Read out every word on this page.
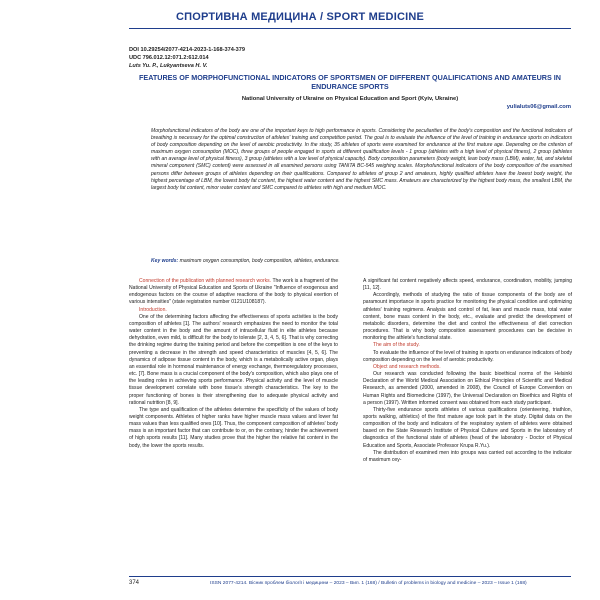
СПОРТИВНА МЕДИЦИНА / SPORT MEDICINE
DOI 10.29254/2077-4214-2023-1-168-374-379
UDC 796.012.12:071.2:612.014
Luts Yu. P., Lukyantseva H. V.
FEATURES OF MORPHOFUNCTIONAL INDICATORS OF SPORTSMEN OF DIFFERENT QUALIFICATIONS AND AMATEURS IN ENDURANCE SPORTS
National University of Ukraine on Physical Education and Sport (Kyiv, Ukraine)
yulialuts06@gmail.com
Morphofunctional indicators of the body are one of the important keys to high performance in sports. Considering the peculiarities of the body's composition and the functional indicators of breathing is necessary for the optimal construction of athletes' training and competition period. The goal is to evaluate the influence of the level of training in endurance sports on indicators of body composition depending on the level of aerobic productivity. In the study, 35 athletes of sports were examined for endurance at the first mature age. Depending on the criterion of maximum oxygen consumption (MOC), three groups of people engaged in sports at different qualification levels - 1 group (athletes with a high level of physical fitness), 2 group (athletes with an average level of physical fitness), 3 group (athletes with a low level of physical capacity). Body composition parameters (body weight, lean body mass (LBM), water, fat, and skeletal mineral component (SMC) content) were assessed in all examined persons using TANITA BC-545 weighing scales. Morphofunctional indicators of the body composition of the examined persons differ between groups of athletes depending on their qualifications. Compared to athletes of group 2 and amateurs, highly qualified athletes have the lowest body weight, the highest percentage of LBM, the lowest body fat content, the highest water content and the highest SMC mass. Amateurs are characterized by the highest body mass, the smallest LBM, the largest body fat content, minor water content and SMC compared to athletes with high and medium MOC.
Key words: maximum oxygen consumption, body composition, athletes, endurance.

Connection of the publication with planned research works. The work is a fragment of the National University of Physical Education and Sports of Ukraine "Influence of exogenous and endogenous factors on the course of adaptive reactions of the body to physical exertion of various intensities" (state registration number 0121U108187).

Introduction.

One of the determining factors affecting the effectiveness of sports activities is the body composition of athletes [1]. The authors' research emphasizes the need to monitor the total water content in the body and the amount of intracellular fluid in elite athletes because dehydration, even mild, is difficult for the body to tolerate [2, 3, 4, 5, 6]. That is why correcting the drinking regime during the training period and before the competition is one of the keys to preventing a decrease in the strength and speed characteristics of muscles [4, 5, 6]. The dynamics of adipose tissue content in the body, which is a metabolically active organ, plays an essential role in hormonal maintenance of energy exchange, thermoregulatory processes, etc. [7]. Bone mass is a crucial component of the body's composition, which also plays one of the leading roles in achieving sports performance. Physical activity and the level of muscle tissue development correlate with bone tissue's strength characteristics. The key to the proper functioning of bones is their strengthening due to adequate physical activity and rational nutrition [8, 9].

The type and qualification of the athletes determine the specificity of the values of body weight components. Athletes of higher ranks have higher muscle mass values and lower fat mass values than less qualified ones [10]. Thus, the component composition of athletes' body mass is an important factor that can contribute to or, on the contrary, hinder the achievement of high sports results [11]. Many studies prove that the higher the relative fat content in the body, the lower the sports results.

A significant fat content negatively affects speed, endurance, coordination, mobility, jumping [11, 12].

Accordingly, methods of studying the ratio of tissue components of the body are of paramount importance in sports practice for monitoring the physical condition and optimizing athletes' training regimens. Analysis and control of fat, lean and muscle mass, total water content, bone mass content in the body, etc., evaluate and predict the development of metabolic disorders, determine the diet and control the effectiveness of diet correction procedures. That is why body composition assessment procedures can be decisive in monitoring the athlete's functional state.

The aim of the study.

To evaluate the influence of the level of training in sports on endurance indicators of body composition depending on the level of aerobic productivity.

Object and research methods.

Our research was conducted following the basic bioethical norms of the Helsinki Declaration of the World Medical Association on Ethical Principles of Scientific and Medical Research, as amended (2000, amended in 2008), the Council of Europe Convention on Human Rights and Biomedicine (1997), the Universal Declaration on Bioethics and Rights of a person (1997). Written informed consent was obtained from each study participant.

Thirty-five endurance sports athletes of various qualifications (orienteering, triathlon, sports walking, athletics) of the first mature age took part in the study. Digital data on the composition of the body and indicators of the respiratory system of athletes were obtained based on the State Research Institute of Physical Culture and Sports in the laboratory of diagnostics of the functional state of athletes (head of the laboratory - Doctor of Physical Education and Sports, Associate Professor Krupa R.Yu.).

The distribution of examined men into groups was carried out according to the indicator of maximum oxy-

374	ISSN 2077-4214. Вісник проблем біології і медицини – 2023 – Вип. 1 (168) / Bulletin of problems in biology and medicine – 2023 – Issue 1 (168)
